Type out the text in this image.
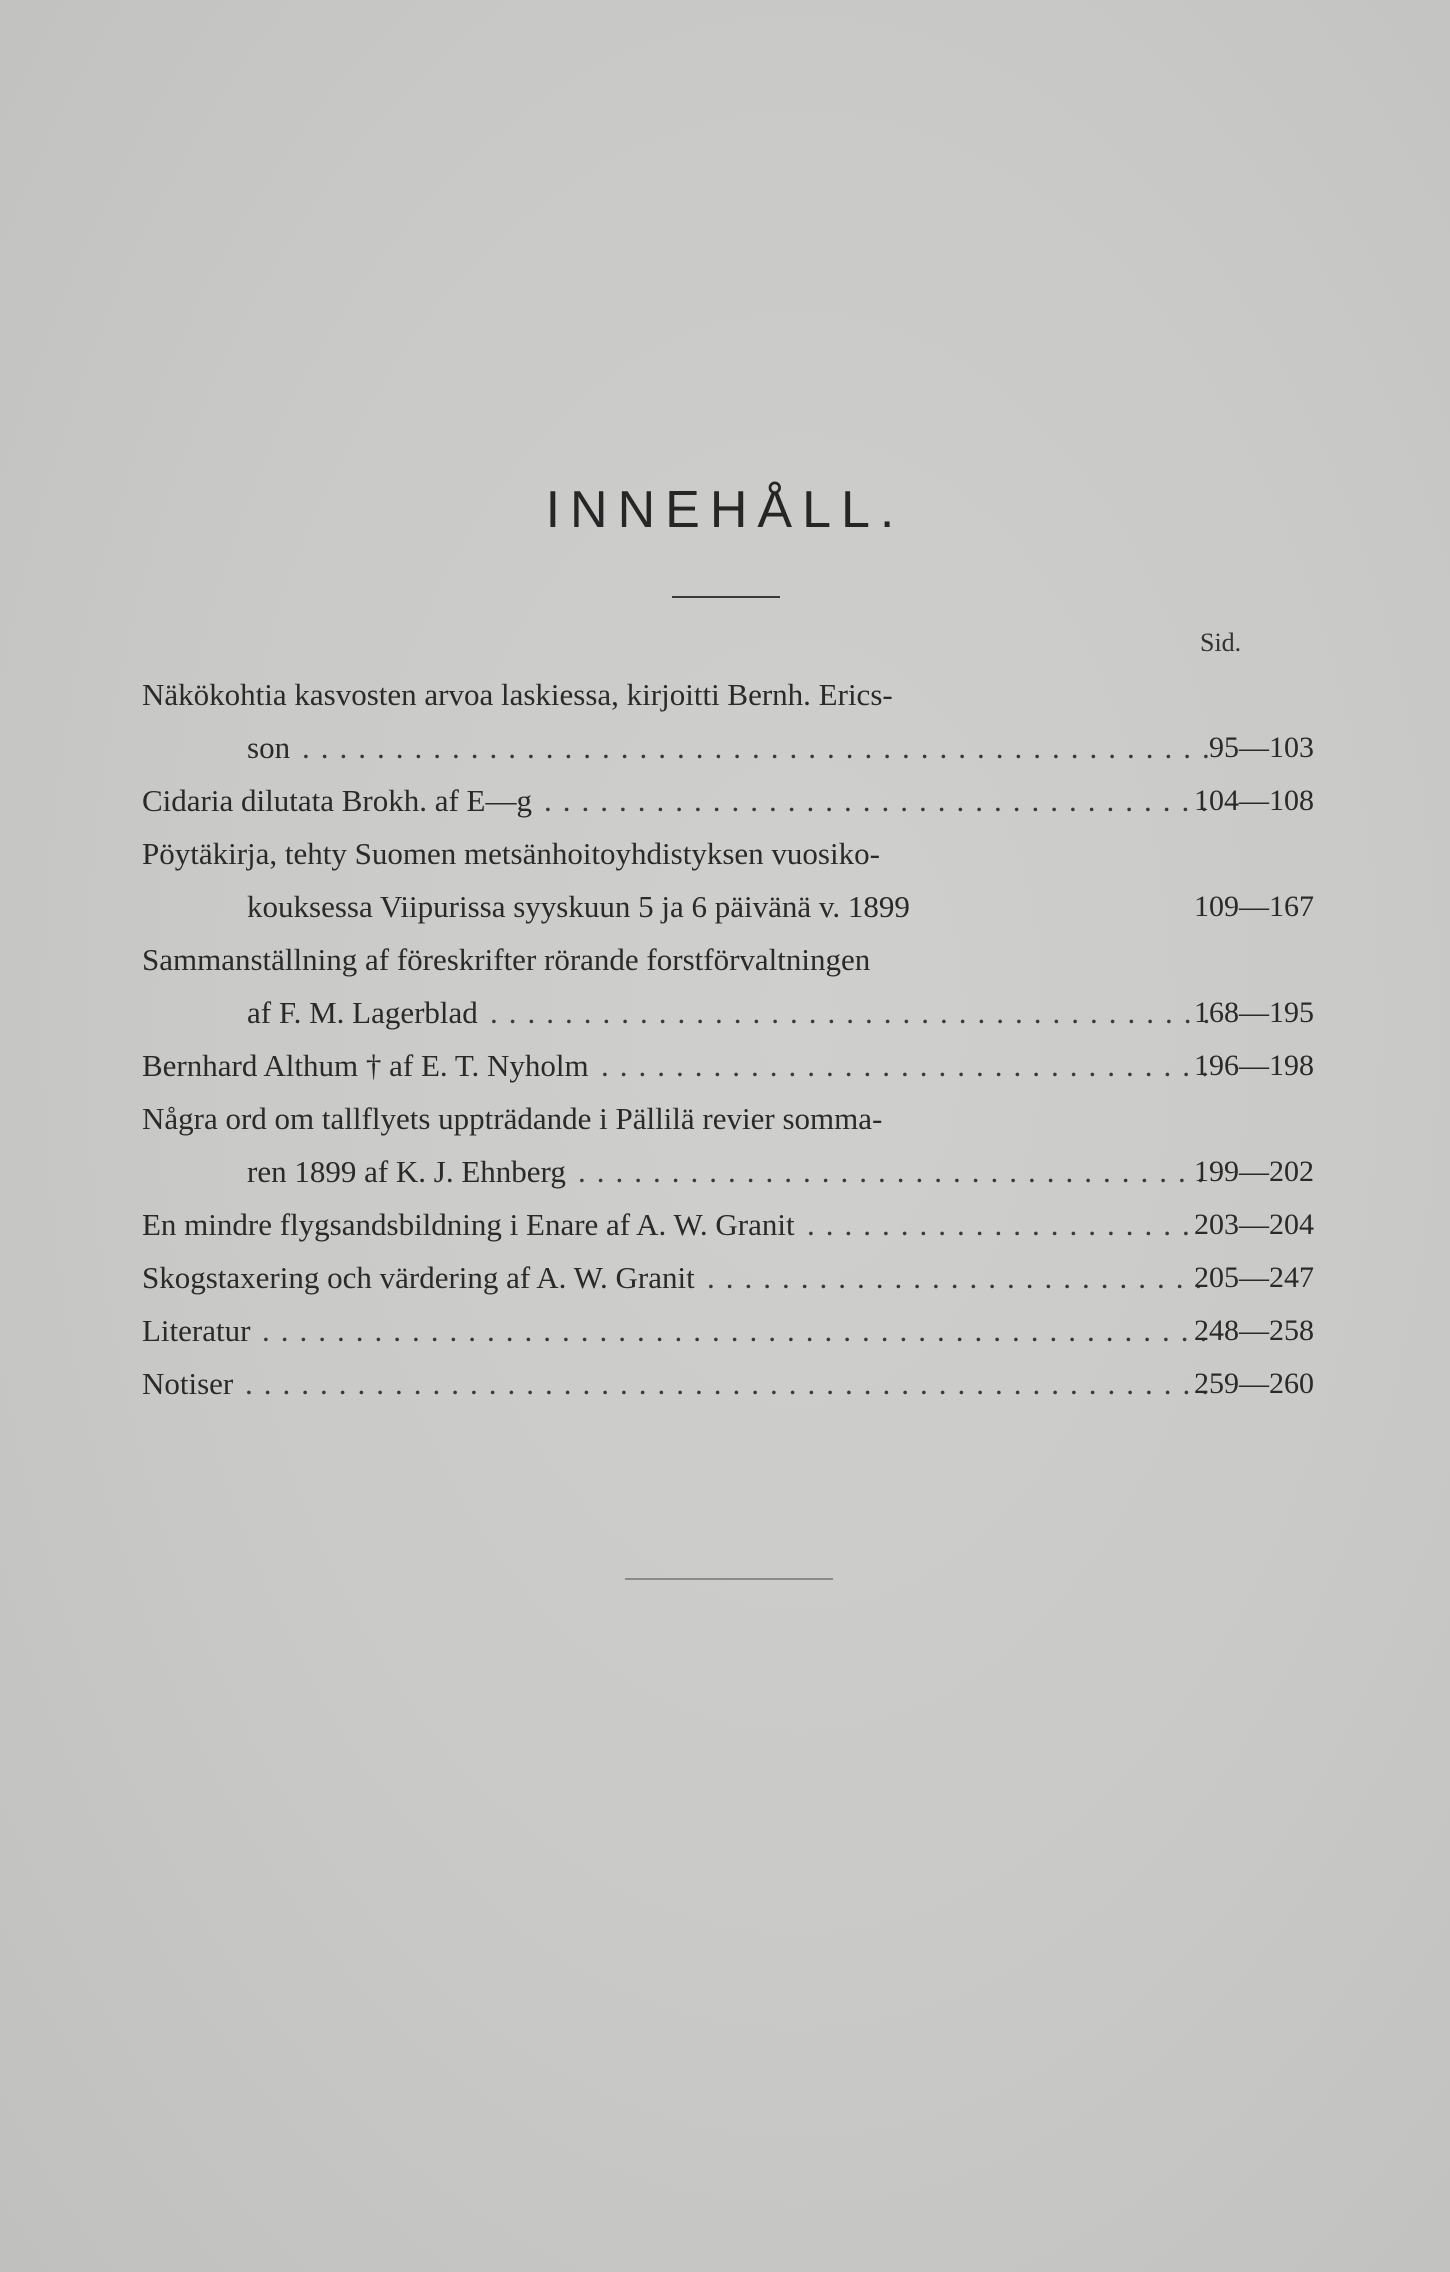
INNEHÅLL.
Sid.
Näkökohtia kasvosten arvoa laskiessa, kirjoitti Bernh. Erics-
son .................................................
95—103
Cidaria dilutata Brokh. af E—g ....................................
104—108
Pöytäkirja, tehty Suomen metsänhoitoyhdistyksen vuosiko-
kouksessa Viipurissa syyskuun 5 ja 6 päivänä v. 1899	109—167
Sammanställning af föreskrifter rörande forstförvaltningen
af F. M. Lagerblad .......................................
168—195
Bernhard Althum † af E. T. Nyholm .................................
196—198
Några ord om tallflyets uppträdande i Pällilä revier somma-
ren 1899 af K. J. Ehnberg ..................................
199—202
En mindre flygsandsbildning i Enare af A. W. Granit .....................
203—204
Skogstaxering och värdering af A. W. Granit ...........................
205—247
Literatur ...................................................
248—258
Notiser ....................................................
259—260
